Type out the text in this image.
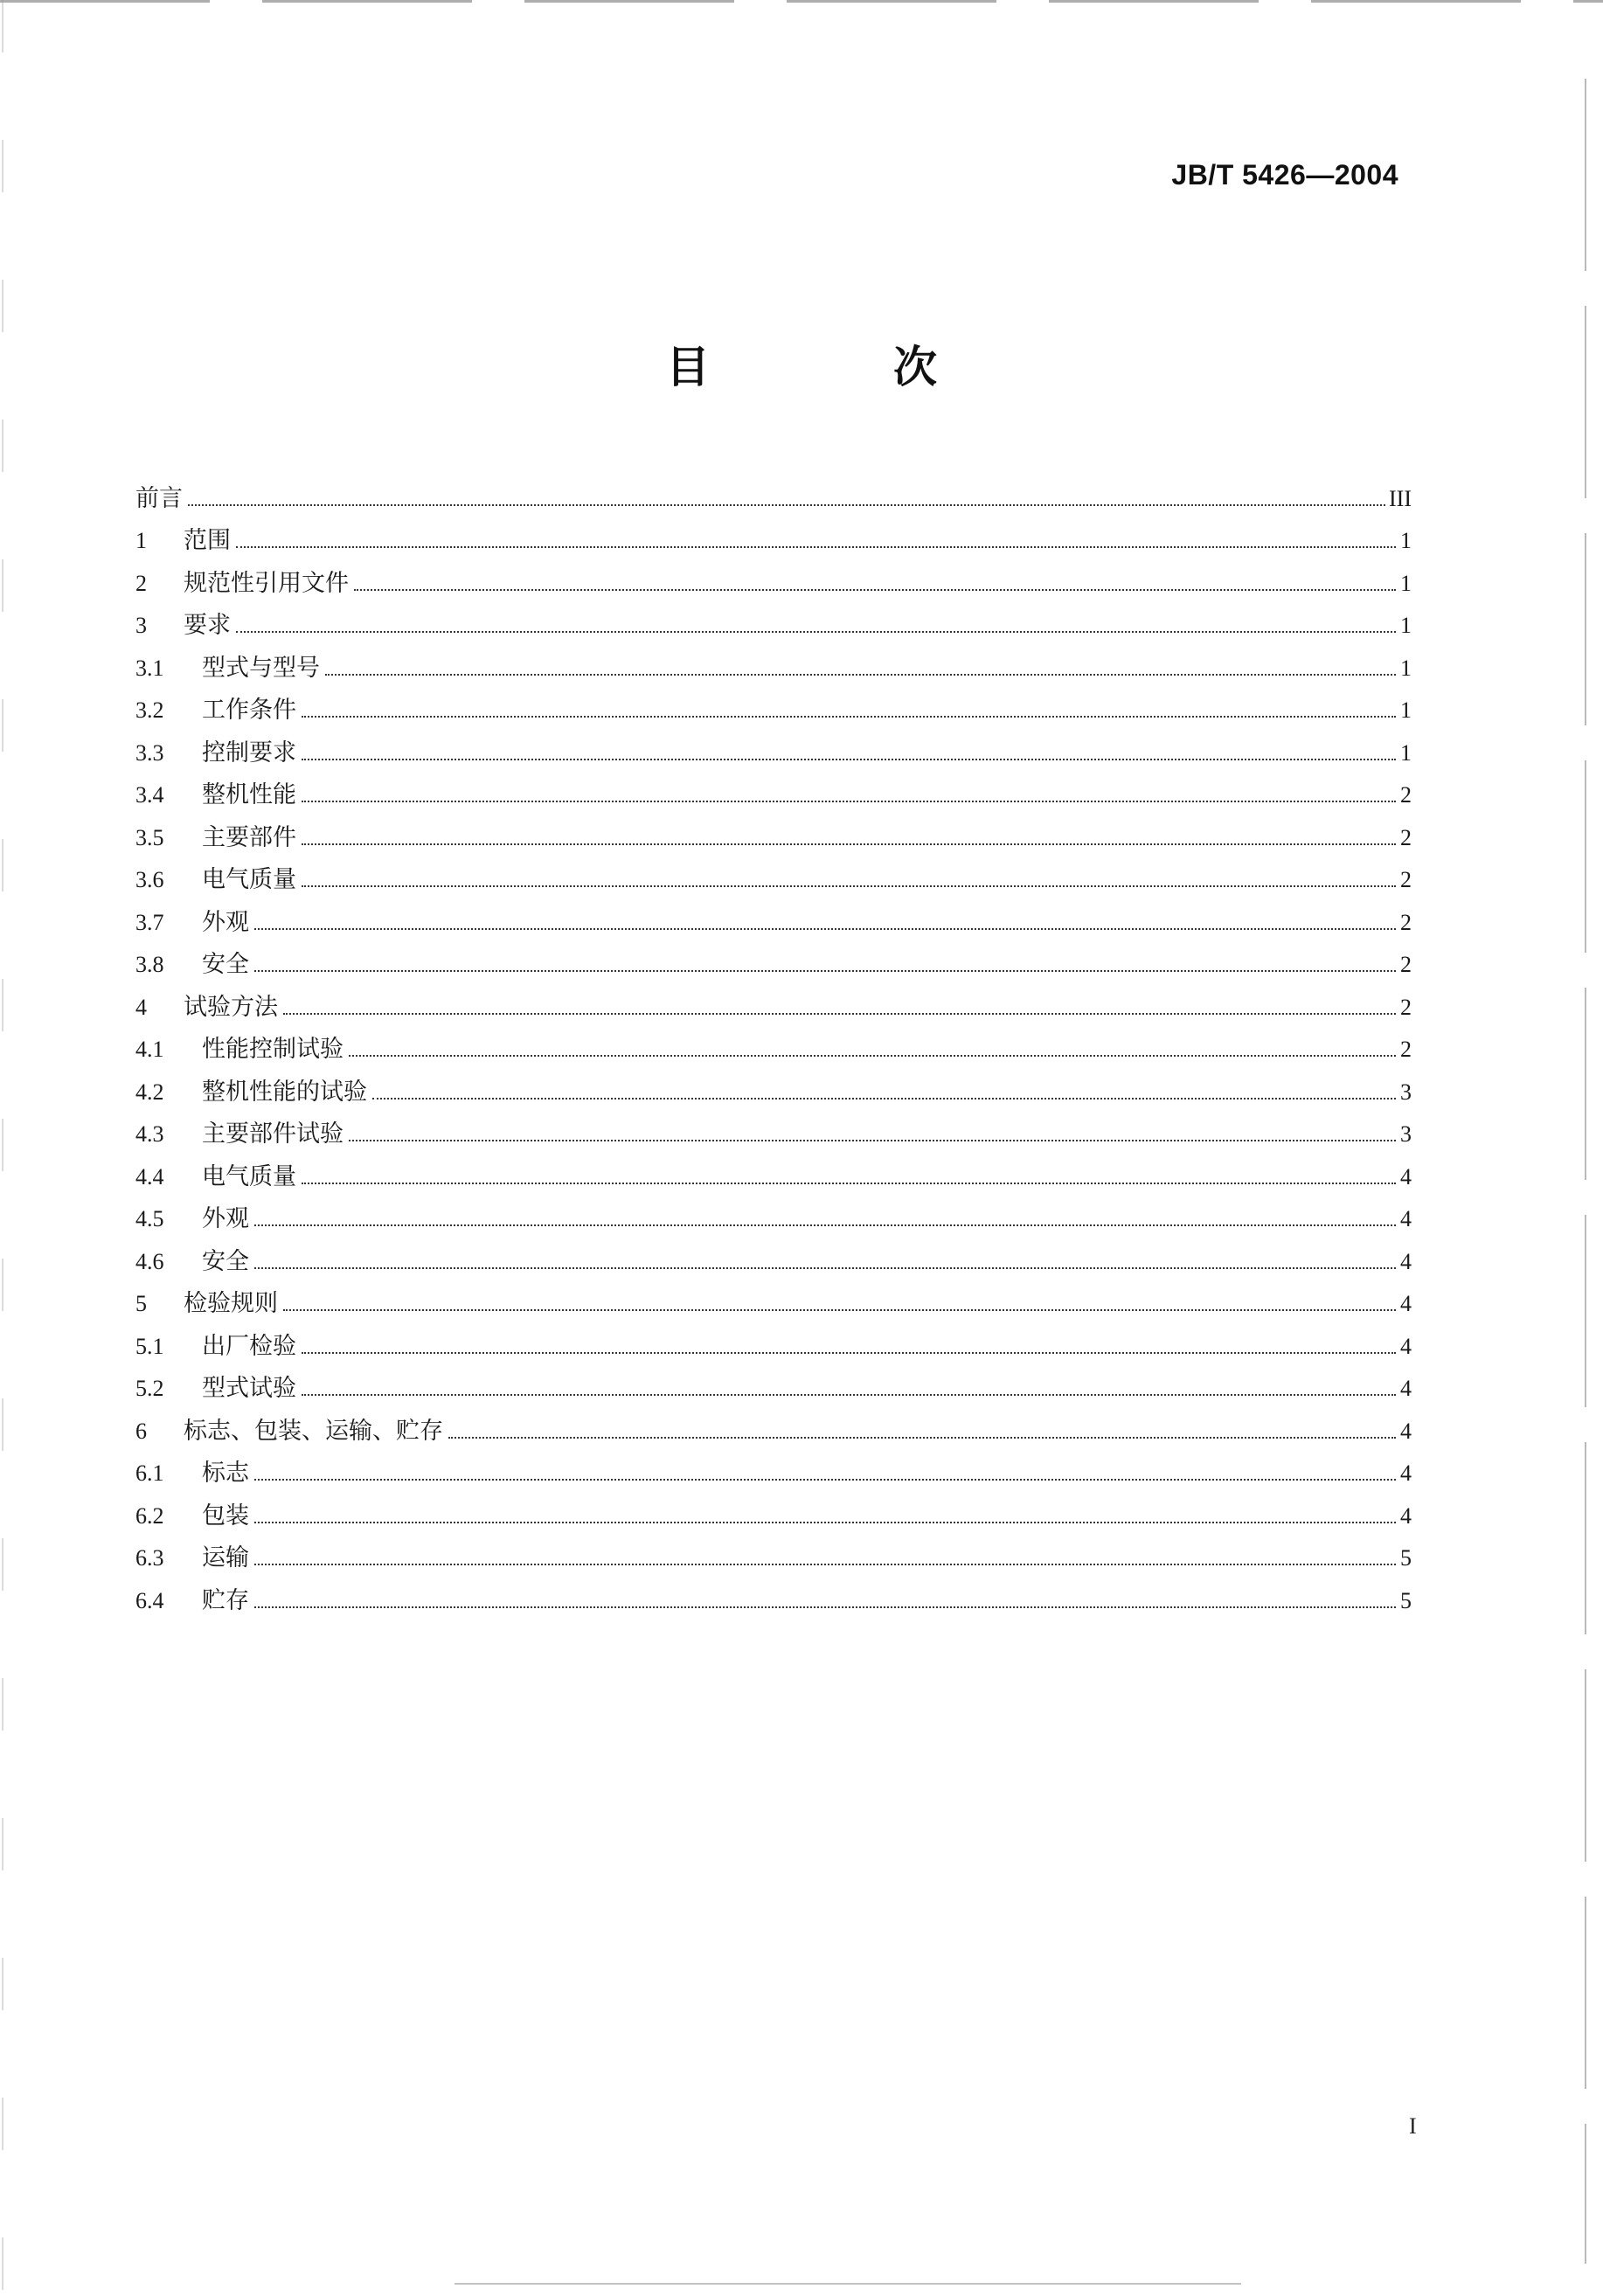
JB/T 5426—2004
目　次
前言	III
1	范围	1
2	规范性引用文件	1
3	要求	1
3.1	型式与型号	1
3.2	工作条件	1
3.3	控制要求	1
3.4	整机性能	2
3.5	主要部件	2
3.6	电气质量	2
3.7	外观	2
3.8	安全	2
4	试验方法	2
4.1	性能控制试验	2
4.2	整机性能的试验	3
4.3	主要部件试验	3
4.4	电气质量	4
4.5	外观	4
4.6	安全	4
5	检验规则	4
5.1	出厂检验	4
5.2	型式试验	4
6	标志、包装、运输、贮存	4
6.1	标志	4
6.2	包装	4
6.3	运输	5
6.4	贮存	5
I
